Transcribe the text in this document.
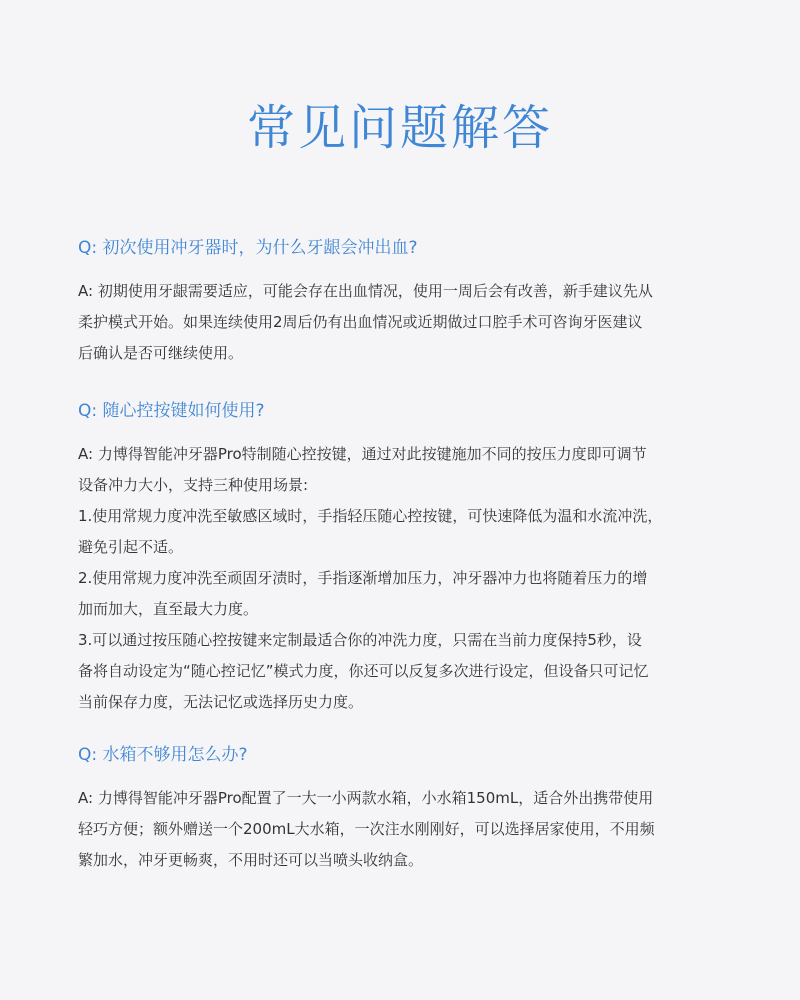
常见问题解答
Q: 初次使用冲牙器时，为什么牙龈会冲出血?

A: 初期使用牙龈需要适应，可能会存在出血情况，使用一周后会有改善，新手建议先从

柔护模式开始。如果连续使用2周后仍有出血情况或近期做过口腔手术可咨询牙医建议

后确认是否可继续使用。

Q: 随心控按键如何使用?

A: 力博得智能冲牙器Pro特制随心控按键，通过对此按键施加不同的按压力度即可调节

设备冲力大小，支持三种使用场景:

1.使用常规力度冲洗至敏感区域时，手指轻压随心控按键，可快速降低为温和水流冲洗，

避免引起不适。

2.使用常规力度冲洗至顽固牙渍时，手指逐渐增加压力，冲牙器冲力也将随着压力的增

加而加大，直至最大力度。

3.可以通过按压随心控按键来定制最适合你的冲洗力度，只需在当前力度保持5秒，设

备将自动设定为“随心控记忆”模式力度，你还可以反复多次进行设定，但设备只可记忆

当前保存力度，无法记忆或选择历史力度。

Q: 水箱不够用怎么办?

A: 力博得智能冲牙器Pro配置了一大一小两款水箱，小水箱150mL，适合外出携带使用

轻巧方便；额外赠送一个200mL大水箱，一次注水刚刚好，可以选择居家使用，不用频

繁加水，冲牙更畅爽，不用时还可以当喷头收纳盒。
